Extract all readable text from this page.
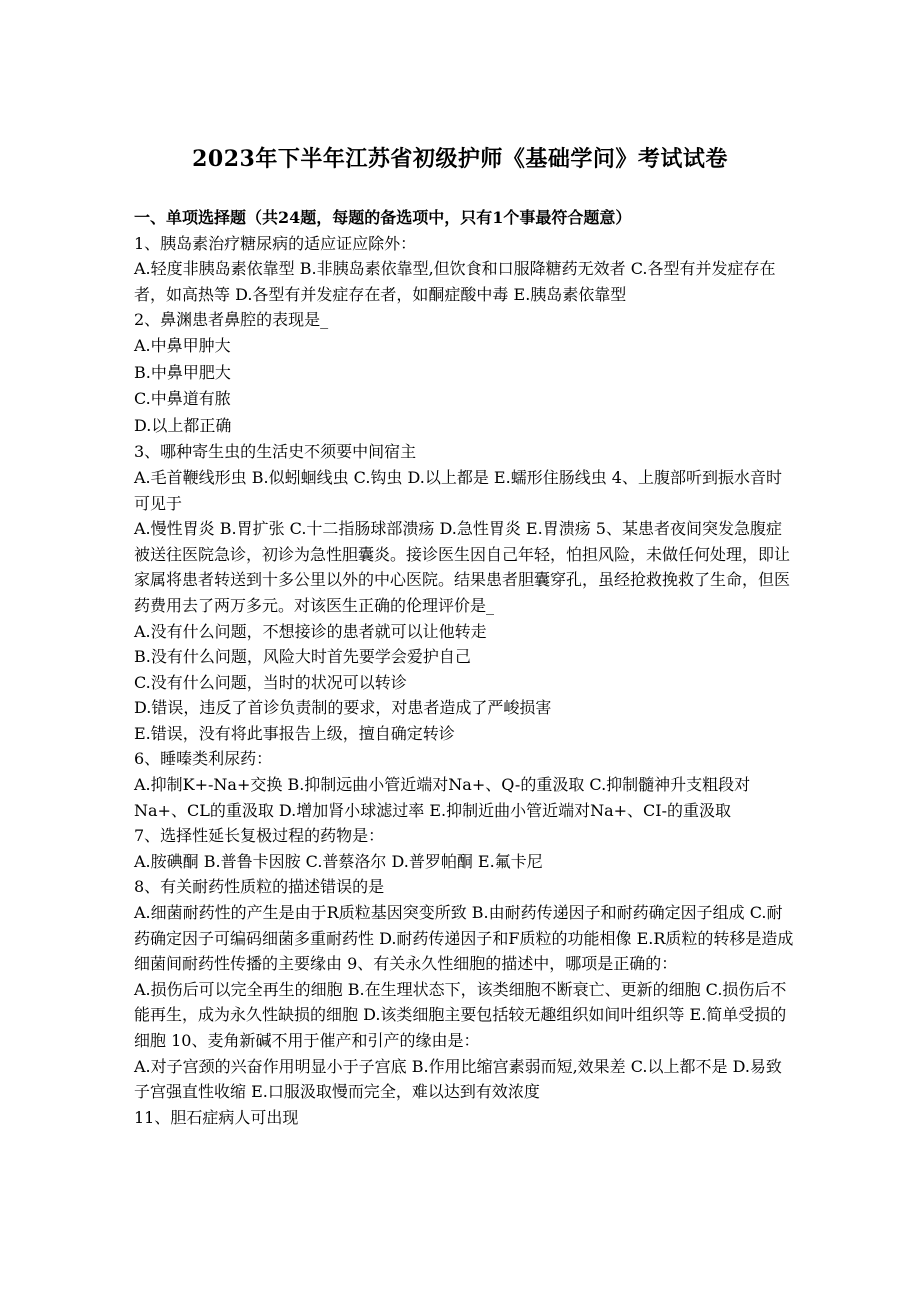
2023年下半年江苏省初级护师《基础学问》考试试卷

一、单项选择题（共24题，每题的备选项中，只有1个事最符合题意）

1、胰岛素治疗糖尿病的适应证应除外：

A.轻度非胰岛素依靠型 B.非胰岛素依靠型,但饮食和口服降糖药无效者 C.各型有并发症存在者，如高热等 D.各型有并发症存在者，如酮症酸中毒 E.胰岛素依靠型

2、鼻渊患者鼻腔的表现是_

A.中鼻甲肿大

B.中鼻甲肥大

C.中鼻道有脓

D.以上都正确

3、哪种寄生虫的生活史不须要中间宿主

A.毛首鞭线形虫 B.似蚓蛔线虫 C.钩虫 D.以上都是 E.蠕形住肠线虫 4、上腹部听到振水音时可见于

A.慢性胃炎 B.胃扩张 C.十二指肠球部溃疡 D.急性胃炎 E.胃溃疡 5、某患者夜间突发急腹症被送往医院急诊，初诊为急性胆囊炎。接诊医生因自己年轻，怕担风险，未做任何处理，即让家属将患者转送到十多公里以外的中心医院。结果患者胆囊穿孔，虽经抢救挽救了生命，但医药费用去了两万多元。对该医生正确的伦理评价是_

A.没有什么问题，不想接诊的患者就可以让他转走

B.没有什么问题，风险大时首先要学会爱护自己

C.没有什么问题，当时的状况可以转诊

D.错误，违反了首诊负责制的要求，对患者造成了严峻损害

E.错误，没有将此事报告上级，擅自确定转诊

6、睡嗪类利尿药：

A.抑制K+-Na+交换 B.抑制远曲小管近端对Na+、Q-的重汲取 C.抑制髓神升支粗段对Na+、CL的重汲取 D.增加肾小球滤过率 E.抑制近曲小管近端对Na+、CI-的重汲取

7、选择性延长复极过程的药物是：

A.胺碘酮 B.普鲁卡因胺 C.普蔡洛尔 D.普罗帕酮 E.氟卡尼

8、有关耐药性质粒的描述错误的是

A.细菌耐药性的产生是由于R质粒基因突变所致 B.由耐药传递因子和耐药确定因子组成 C.耐药确定因子可编码细菌多重耐药性 D.耐药传递因子和F质粒的功能相像 E.R质粒的转移是造成细菌间耐药性传播的主要缘由 9、有关永久性细胞的描述中，哪项是正确的：

A.损伤后可以完全再生的细胞 B.在生理状态下，该类细胞不断衰亡、更新的细胞 C.损伤后不能再生，成为永久性缺损的细胞 D.该类细胞主要包括较无趣组织如间叶组织等 E.简单受损的细胞 10、麦角新碱不用于催产和引产的缘由是：

A.对子宫颈的兴奋作用明显小于子宫底 B.作用比缩宫素弱而短,效果差 C.以上都不是 D.易致子宫强直性收缩 E.口服汲取慢而完全，难以达到有效浓度

11、胆石症病人可出现
